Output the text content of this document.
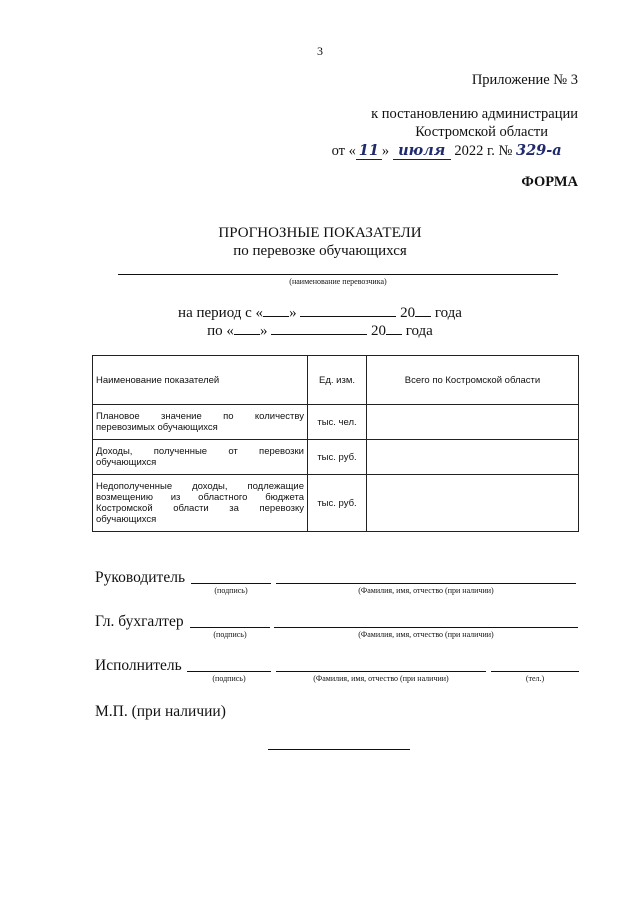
3
Приложение № 3
к постановлению администрации
Костромской области
от « 11 » июля 2022 г. № 329-а
ФОРМА
ПРОГНОЗНЫЕ ПОКАЗАТЕЛИ
по перевозке обучающихся
(наименование перевозчика)
на период с « »	20 года
по « »	20 года
Наименование показателей	Ед. изм.	Всего по Костромской области
Плановое значение по количеству перевозимых обучающихся	тыс. чел.	
Доходы, полученные от перевозки обучающихся	тыс. руб.	
Недополученные доходы, подлежащие возмещению из областного бюджета Костромской области за перевозку обучающихся	тыс. руб.	
Руководитель
(подпись)	(Фамилия, имя, отчество (при наличии)
Гл. бухгалтер
(подпись)	(Фамилия, имя, отчество (при наличии)
Исполнитель
(подпись)	(Фамилия, имя, отчество (при наличии)	(тел.)
М.П. (при наличии)
